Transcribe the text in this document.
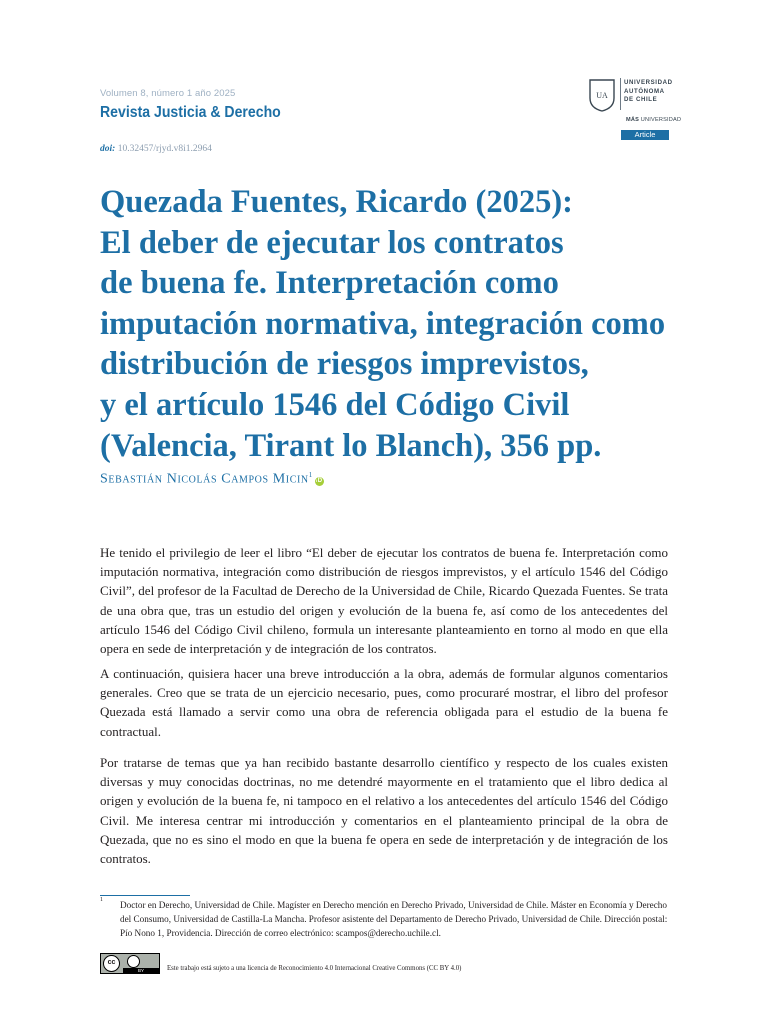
Volumen 8, número 1 año 2025
Revista Justicia & Derecho
UA
UNIVERSIDAD
AUTÓNOMA
DE CHILE
MÁS UNIVERSIDAD
Article
doi: 10.32457/rjyd.v8i1.2964
Quezada Fuentes, Ricardo (2025):
El deber de ejecutar los contratos
de buena fe. Interpretación como
imputación normativa, integración como
distribución de riesgos imprevistos,
y el artículo 1546 del Código Civil
(Valencia, Tirant lo Blanch), 356 pp.
Sebastián Nicolás Campos Micin$^1$iD

He tenido el privilegio de leer el libro “El deber de ejecutar los contratos de buena fe. Interpretación como imputación normativa, integración como distribución de riesgos imprevistos, y el artículo 1546 del Código Civil”, del profesor de la Facultad de Derecho de la Universidad de Chile, Ricardo Quezada Fuentes. Se trata de una obra que, tras un estudio del origen y evolución de la buena fe, así como de los antecedentes del artículo 1546 del Código Civil chileno, formula un interesante planteamiento en torno al modo en que ella opera en sede de interpretación y de integración de los contratos.

A continuación, quisiera hacer una breve introducción a la obra, además de formular algunos comentarios generales. Creo que se trata de un ejercicio necesario, pues, como procuraré mostrar, el libro del profesor Quezada está llamado a servir como una obra de referencia obligada para el estudio de la buena fe contractual.

Por tratarse de temas que ya han recibido bastante desarrollo científico y respecto de los cuales existen diversas y muy conocidas doctrinas, no me detendré mayormente en el tratamiento que el libro dedica al origen y evolución de la buena fe, ni tampoco en el relativo a los antecedentes del artículo 1546 del Código Civil. Me interesa centrar mi introducción y comentarios en el planteamiento principal de la obra de Quezada, que no es sino el modo en que la buena fe opera en sede de interpretación y de integración de los contratos.

1 Doctor en Derecho, Universidad de Chile. Magíster en Derecho mención en Derecho Privado, Universidad de Chile. Máster en Economía y Derecho del Consumo, Universidad de Castilla-La Mancha. Profesor asistente del Departamento de Derecho Privado, Universidad de Chile. Dirección postal: Pío Nono 1, Providencia. Dirección de correo electrónico: scampos@derecho.uchile.cl.

cc
BY	Este trabajo está sujeto a una licencia de Reconocimiento 4.0 Internacional Creative Commons (CC BY 4.0)
